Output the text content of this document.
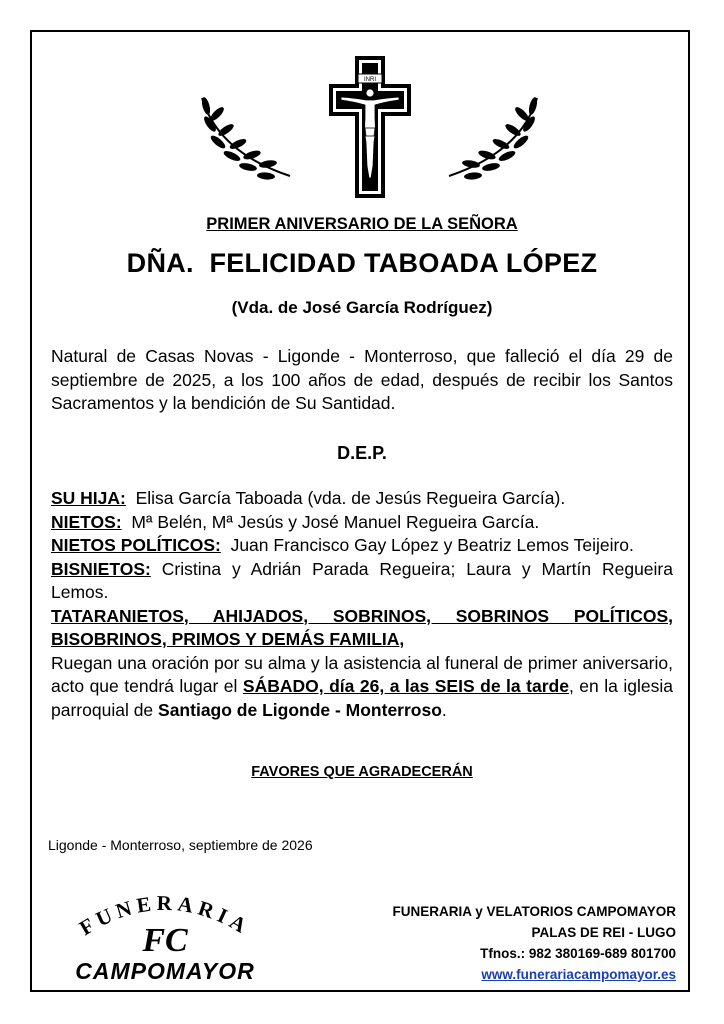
INRI
PRIMER ANIVERSARIO DE LA SEÑORA
DÑA.  FELICIDAD TABOADA LÓPEZ
(Vda. de José García Rodríguez)
Natural de Casas Novas - Ligonde - Monterroso, que falleció el día 29 de septiembre de 2025, a los 100 años de edad, después de recibir los Santos Sacramentos y la bendición de Su Santidad.
D.E.P.

SU HIJA:  Elisa García Taboada (vda. de Jesús Regueira García).

NIETOS:  Mª Belén, Mª Jesús y José Manuel Regueira García.

NIETOS POLÍTICOS:  Juan Francisco Gay López y Beatriz Lemos Teijeiro.

BISNIETOS: Cristina y Adrián Parada Regueira; Laura y Martín Regueira Lemos.

TATARANIETOS, AHIJADOS, SOBRINOS, SOBRINOS POLÍTICOS, BISOBRINOS, PRIMOS Y DEMÁS FAMILIA,

Ruegan una oración por su alma y la asistencia al funeral de primer aniversario, acto que tendrá lugar el SÁBADO, día 26, a las SEIS de la tarde, en la iglesia parroquial de Santiago de Ligonde - Monterroso.

FAVORES QUE AGRADECERÁN
Ligonde - Monterroso, septiembre de 2026
FUNERARIA
FC
CAMPOMAYOR
FUNERARIA y VELATORIOS CAMPOMAYOR
PALAS DE REI - LUGO
Tfnos.: 982 380169-689 801700
www.funerariacampomayor.es
